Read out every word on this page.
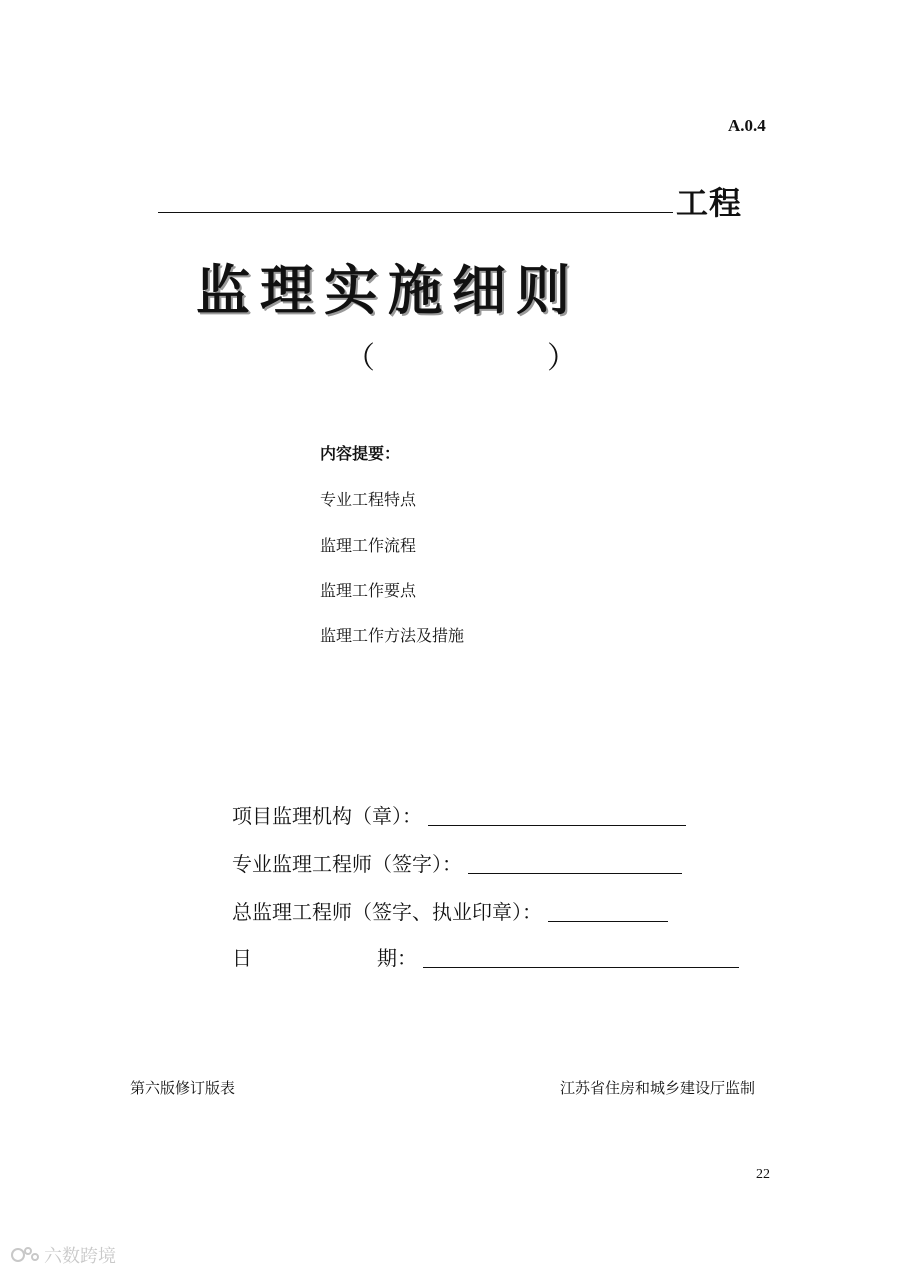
A.0.4
工程
监理实施细则
（	）
内容提要：
专业工程特点
监理工作流程
监理工作要点
监理工作方法及措施
项目监理机构（章）：
专业监理工程师（签字）：
总监理工程师（签字、执业印章）：
日	期：
第六版修订版表	江苏省住房和城乡建设厅监制
22
六数跨境
